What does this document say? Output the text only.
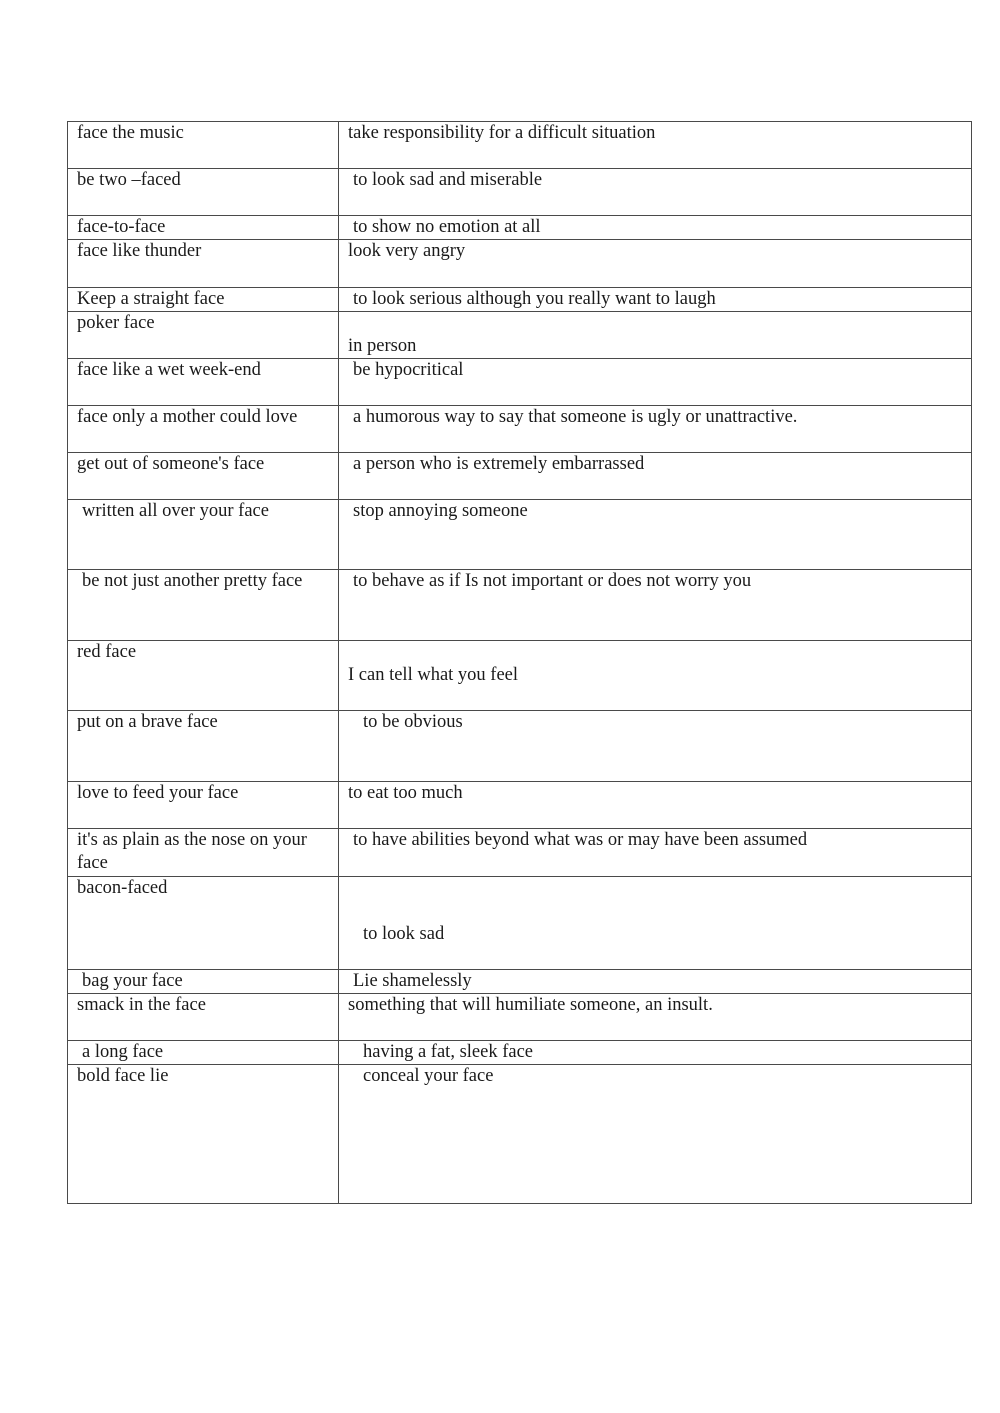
face the music	take responsibility for a difficult situation

be two –faced	to look sad and miserable

face-to-face	to show no emotion at all

face like thunder	look very angry

Keep a straight face	to look serious although you really want to laugh

poker face	in person

face like a wet week-end	be hypocritical

face only a mother could love	a humorous way to say that someone is ugly or unattractive.

get out of someone's face	a person who is extremely embarrassed

written all over your face	stop annoying someone

be not just another pretty face	to behave as if Is not important or does not worry you

red face	I can tell what you feel

put on a brave face	to be obvious

love to feed your face	to eat too much

it's as plain as the nose on your face	to have abilities beyond what was or may have been assumed

bacon-faced	to look sad

bag your face	Lie shamelessly

smack in the face	something that will humiliate someone, an insult.

a long face	having a fat, sleek face

bold face lie	conceal your face
